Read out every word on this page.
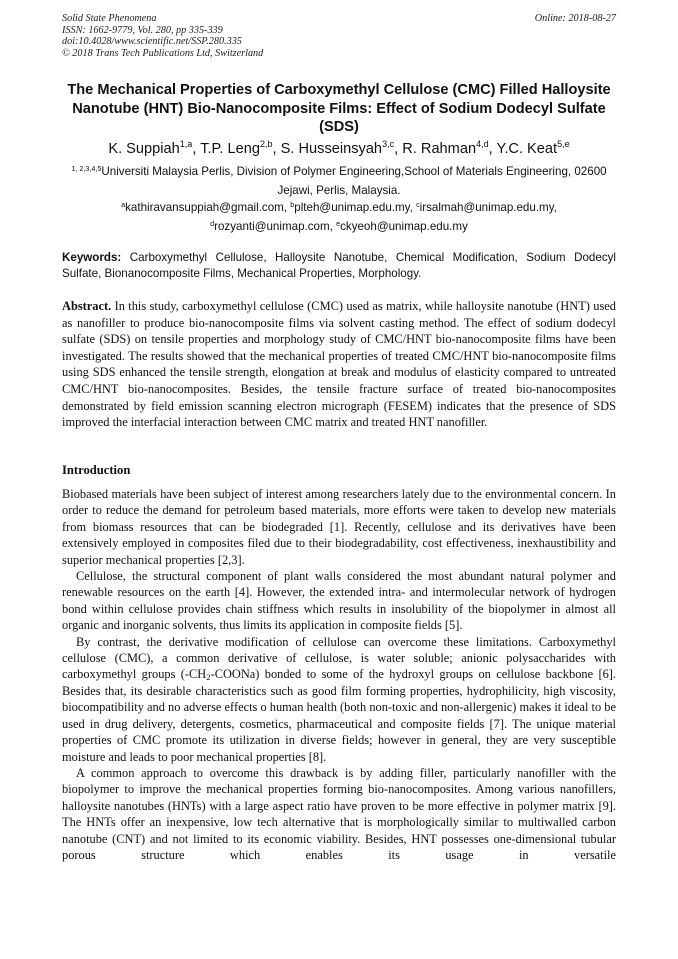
Solid State Phenomena
ISSN: 1662-9779, Vol. 280, pp 335-339
doi:10.4028/www.scientific.net/SSP.280.335
© 2018 Trans Tech Publications Ltd, Switzerland
Online: 2018-08-27
The Mechanical Properties of Carboxymethyl Cellulose (CMC) Filled Halloysite Nanotube (HNT) Bio-Nanocomposite Films: Effect of Sodium Dodecyl Sulfate (SDS)
K. Suppiah$^{1,a}$, T.P. Leng$^{2,b}$, S. Husseinsyah$^{3,c}$, R. Rahman$^{4,d}$, Y.C. Keat$^{5,e}$
$^{1, 2,3,4,5}$Universiti Malaysia Perlis, Division of Polymer Engineering,School of Materials Engineering, 02600 Jejawi, Perlis, Malaysia.
$^a$kathiravansuppiah@gmail.com, $^b$plteh@unimap.edu.my, $^c$irsalmah@unimap.edu.my,
$^d$rozyanti@unimap.com, $^e$ckyeoh@unimap.edu.my
Keywords: Carboxymethyl Cellulose, Halloysite Nanotube, Chemical Modification, Sodium Dodecyl Sulfate, Bionanocomposite Films, Mechanical Properties, Morphology.
Abstract. In this study, carboxymethyl cellulose (CMC) used as matrix, while halloysite nanotube (HNT) used as nanofiller to produce bio-nanocomposite films via solvent casting method. The effect of sodium dodecyl sulfate (SDS) on tensile properties and morphology study of CMC/HNT bio-nanocomposite films have been investigated. The results showed that the mechanical properties of treated CMC/HNT bio-nanocomposite films using SDS enhanced the tensile strength, elongation at break and modulus of elasticity compared to untreated CMC/HNT bio-nanocomposites. Besides, the tensile fracture surface of treated bio-nanocomposites demonstrated by field emission scanning electron micrograph (FESEM) indicates that the presence of SDS improved the interfacial interaction between CMC matrix and treated HNT nanofiller.
Introduction

Biobased materials have been subject of interest among researchers lately due to the environmental concern. In order to reduce the demand for petroleum based materials, more efforts were taken to develop new materials from biomass resources that can be biodegraded [1]. Recently, cellulose and its derivatives have been extensively employed in composites filed due to their biodegradability, cost effectiveness, inexhaustibility and superior mechanical properties [2,3].

Cellulose, the structural component of plant walls considered the most abundant natural polymer and renewable resources on the earth [4]. However, the extended intra- and intermolecular network of hydrogen bond within cellulose provides chain stiffness which results in insolubility of the biopolymer in almost all organic and inorganic solvents, thus limits its application in composite fields [5].

By contrast, the derivative modification of cellulose can overcome these limitations. Carboxymethyl cellulose (CMC), a common derivative of cellulose, is water soluble; anionic polysaccharides with carboxymethyl groups $(-CH_2-COONa)$ bonded to some of the hydroxyl groups on cellulose backbone [6]. Besides that, its desirable characteristics such as good film forming properties, hydrophilicity, high viscosity, biocompatibility and no adverse effects o human health (both non-toxic and non-allergenic) makes it ideal to be used in drug delivery, detergents, cosmetics, pharmaceutical and composite fields [7]. The unique material properties of CMC promote its utilization in diverse fields; however in general, they are very susceptible moisture and leads to poor mechanical properties [8].

A common approach to overcome this drawback is by adding filler, particularly nanofiller with the biopolymer to improve the mechanical properties forming bio-nanocomposites. Among various nanofillers, halloysite nanotubes (HNTs) with a large aspect ratio have proven to be more effective in polymer matrix [9]. The HNTs offer an inexpensive, low tech alternative that is morphologically similar to multiwalled carbon nanotube (CNT) and not limited to its economic viability. Besides, HNT possesses one-dimensional tubular porous structure which enables its usage in versatile
